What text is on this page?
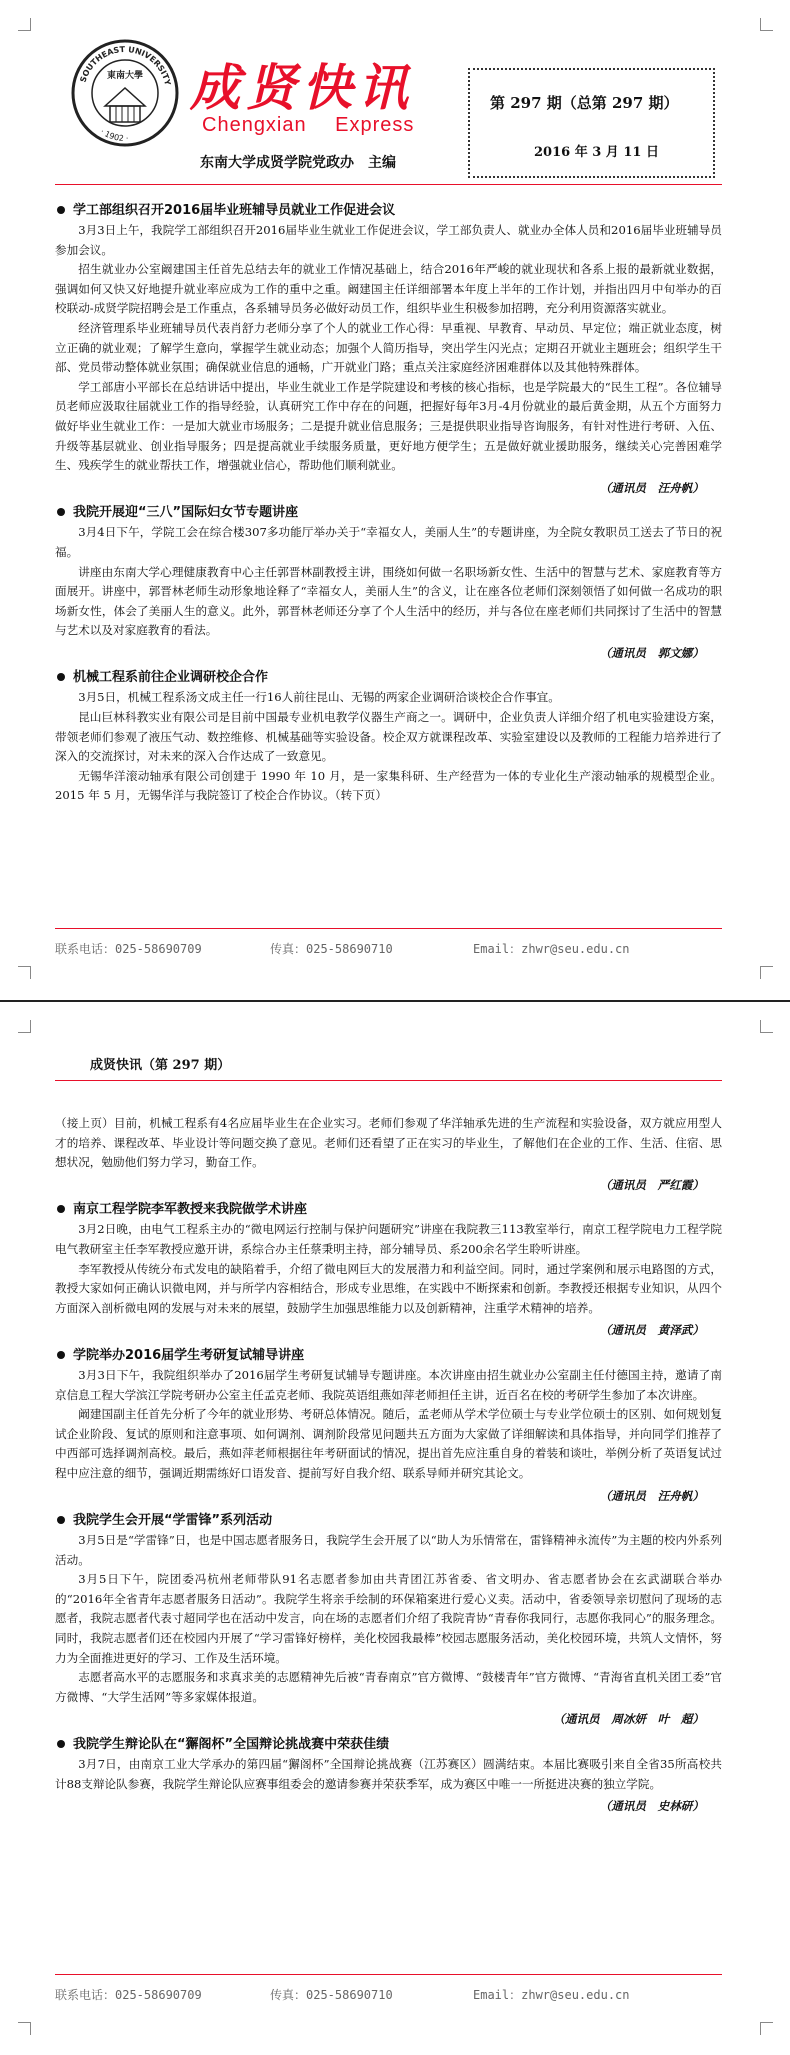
SOUTHEAST UNIVERSITY
· 1902 ·
東南大學 成贤快讯
Chengxian Express
东南大学成贤学院党政办　主编
第 297 期（总第 297 期）
2016 年 3 月 11 日
学工部组织召开2016届毕业班辅导员就业工作促进会议

3月3日上午，我院学工部组织召开2016届毕业生就业工作促进会议，学工部负责人、就业办全体人员和2016届毕业班辅导员参加会议。

招生就业办公室阚建国主任首先总结去年的就业工作情况基础上，结合2016年严峻的就业现状和各系上报的最新就业数据，强调如何又快又好地提升就业率应成为工作的重中之重。阚建国主任详细部署本年度上半年的工作计划，并指出四月中旬举办的百校联动-成贤学院招聘会是工作重点，各系辅导员务必做好动员工作，组织毕业生积极参加招聘，充分利用资源落实就业。

经济管理系毕业班辅导员代表肖舒力老师分享了个人的就业工作心得：早重视、早教育、早动员、早定位；端正就业态度，树立正确的就业观；了解学生意向，掌握学生就业动态；加强个人简历指导，突出学生闪光点；定期召开就业主题班会；组织学生干部、党员带动整体就业氛围；确保就业信息的通畅，广开就业门路；重点关注家庭经济困难群体以及其他特殊群体。

学工部唐小平部长在总结讲话中提出，毕业生就业工作是学院建设和考核的核心指标，也是学院最大的“民生工程”。各位辅导员老师应汲取往届就业工作的指导经验，认真研究工作中存在的问题，把握好每年3月-4月份就业的最后黄金期，从五个方面努力做好毕业生就业工作：一是加大就业市场服务；二是提升就业信息服务；三是提供职业指导咨询服务，有针对性进行考研、入伍、升级等基层就业、创业指导服务；四是提高就业手续服务质量，更好地方便学生；五是做好就业援助服务，继续关心完善困难学生、残疾学生的就业帮扶工作，增强就业信心，帮助他们顺利就业。

（通讯员　汪舟帆）
我院开展迎“三八”国际妇女节专题讲座

3月4日下午，学院工会在综合楼307多功能厅举办关于“幸福女人，美丽人生”的专题讲座，为全院女教职员工送去了节日的祝福。

讲座由东南大学心理健康教育中心主任郭晋林副教授主讲，围绕如何做一名职场新女性、生活中的智慧与艺术、家庭教育等方面展开。讲座中，郭晋林老师生动形象地诠释了“幸福女人，美丽人生”的含义，让在座各位老师们深刻领悟了如何做一名成功的职场新女性，体会了美丽人生的意义。此外，郭晋林老师还分享了个人生活中的经历，并与各位在座老师们共同探讨了生活中的智慧与艺术以及对家庭教育的看法。

（通讯员　郭文娜）
机械工程系前往企业调研校企合作

3月5日，机械工程系汤文成主任一行16人前往昆山、无锡的两家企业调研洽谈校企合作事宜。

昆山巨林科教实业有限公司是目前中国最专业机电教学仪器生产商之一。调研中，企业负责人详细介绍了机电实验建设方案，带领老师们参观了液压气动、数控维修、机械基础等实验设备。校企双方就课程改革、实验室建设以及教师的工程能力培养进行了深入的交流探讨，对未来的深入合作达成了一致意见。

无锡华洋滚动轴承有限公司创建于 1990 年 10 月，是一家集科研、生产经营为一体的专业化生产滚动轴承的规模型企业。2015 年 5 月，无锡华洋与我院签订了校企合作协议。（转下页）

联系电话：025-58690709	传真：025-58690710	Email：zhwr@seu.edu.cn
成贤快讯（第 297 期）

（接上页）目前，机械工程系有4名应届毕业生在企业实习。老师们参观了华洋轴承先进的生产流程和实验设备，双方就应用型人才的培养、课程改革、毕业设计等问题交换了意见。老师们还看望了正在实习的毕业生，了解他们在企业的工作、生活、住宿、思想状况，勉励他们努力学习，勤奋工作。

（通讯员　严红霞）
南京工程学院李军教授来我院做学术讲座

3月2日晚，由电气工程系主办的“微电网运行控制与保护问题研究”讲座在我院教三113教室举行，南京工程学院电力工程学院电气教研室主任李军教授应邀开讲，系综合办主任蔡秉明主持，部分辅导员、系200余名学生聆听讲座。

李军教授从传统分布式发电的缺陷着手，介绍了微电网巨大的发展潜力和利益空间。同时，通过学案例和展示电路图的方式，教授大家如何正确认识微电网，并与所学内容相结合，形成专业思维，在实践中不断探索和创新。李教授还根据专业知识，从四个方面深入剖析微电网的发展与对未来的展望，鼓励学生加强思维能力以及创新精神，注重学术精神的培养。

（通讯员　黄泽武）
学院举办2016届学生考研复试辅导讲座

3月3日下午，我院组织举办了2016届学生考研复试辅导专题讲座。本次讲座由招生就业办公室副主任付德国主持，邀请了南京信息工程大学滨江学院考研办公室主任孟克老师、我院英语组燕如萍老师担任主讲，近百名在校的考研学生参加了本次讲座。

阚建国副主任首先分析了今年的就业形势、考研总体情况。随后，孟老师从学术学位硕士与专业学位硕士的区别、如何规划复试企业阶段、复试的原则和注意事项、如何调剂、调剂阶段常见问题共五方面为大家做了详细解读和具体指导，并向同学们推荐了中西部可选择调剂高校。最后，燕如萍老师根据往年考研面试的情况，提出首先应注重自身的着装和谈吐，举例分析了英语复试过程中应注意的细节，强调近期需练好口语发音、提前写好自我介绍、联系导师并研究其论文。

（通讯员　汪舟帆）
我院学生会开展“学雷锋”系列活动

3月5日是“学雷锋”日，也是中国志愿者服务日，我院学生会开展了以“助人为乐情常在，雷锋精神永流传”为主题的校内外系列活动。

3月5日下午，院团委冯杭州老师带队91名志愿者参加由共青团江苏省委、省文明办、省志愿者协会在玄武湖联合举办的“2016年全省青年志愿者服务日活动”。我院学生将亲手绘制的环保箱案进行爱心义卖。活动中，省委领导亲切慰问了现场的志愿者，我院志愿者代表寸超同学也在活动中发言，向在场的志愿者们介绍了我院青协“青春你我同行，志愿你我同心”的服务理念。同时，我院志愿者们还在校园内开展了“学习雷锋好榜样，美化校园我最棒”校园志愿服务活动，美化校园环境，共筑人文情怀，努力为全面推进更好的学习、工作及生活环境。

志愿者高水平的志愿服务和求真求美的志愿精神先后被“青春南京”官方微博、“鼓楼青年”官方微博、“青海省直机关团工委”官方微博、“大学生活网”等多家媒体报道。

（通讯员　周冰妍　叶　超）
我院学生辩论队在“獬阁杯”全国辩论挑战赛中荣获佳绩

3月7日，由南京工业大学承办的第四届“獬阁杯”全国辩论挑战赛（江苏赛区）圆满结束。本届比赛吸引来自全省35所高校共计88支辩论队参赛，我院学生辩论队应赛事组委会的邀请参赛并荣获季军，成为赛区中唯一一所挺进决赛的独立学院。

（通讯员　史林研）
联系电话：025-58690709	传真：025-58690710	Email：zhwr@seu.edu.cn
